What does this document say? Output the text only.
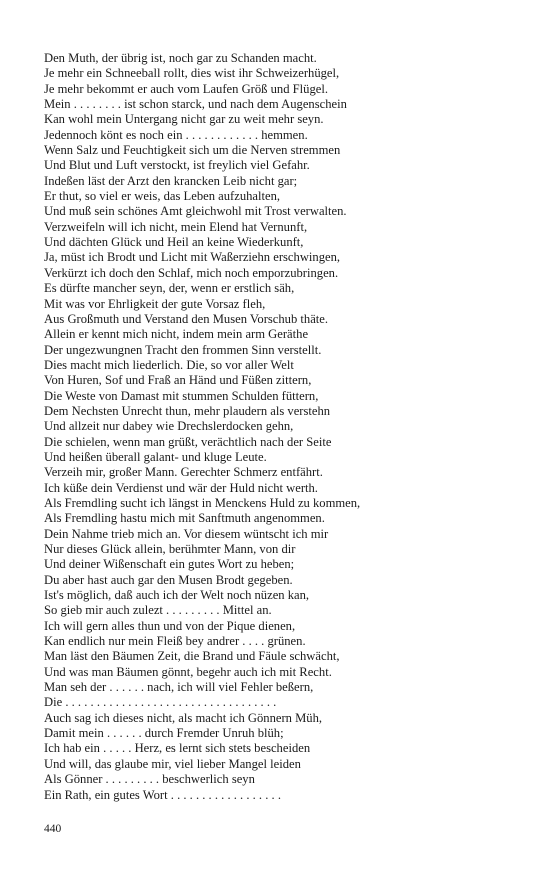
Den Muth, der übrig ist, noch gar zu Schanden macht.
Je mehr ein Schneeball rollt, dies wist ihr Schweizerhügel,
Je mehr bekommt er auch vom Laufen Größ und Flügel.
Mein . . . . . . . . ist schon starck, und nach dem Augenschein
Kan wohl mein Untergang nicht gar zu weit mehr seyn.
Jedennoch könt es noch ein . . . . . . . . . . . . hemmen.
Wenn Salz und Feuchtigkeit sich um die Nerven stremmen
Und Blut und Luft verstockt, ist freylich viel Gefahr.
Indeßen läst der Arzt den krancken Leib nicht gar;
Er thut, so viel er weis, das Leben aufzuhalten,
Und muß sein schönes Amt gleichwohl mit Trost verwalten.
Verzweifeln will ich nicht, mein Elend hat Vernunft,
Und dächten Glück und Heil an keine Wiederkunft,
Ja, müst ich Brodt und Licht mit Waßerziehn erschwingen,
Verkürzt ich doch den Schlaf, mich noch emporzubringen.
Es dürfte mancher seyn, der, wenn er erstlich säh,
Mit was vor Ehrligkeit der gute Vorsaz fleh,
Aus Großmuth und Verstand den Musen Vorschub thäte.
Allein er kennt mich nicht, indem mein arm Geräthe
Der ungezwungnen Tracht den frommen Sinn verstellt.
Dies macht mich liederlich. Die, so vor aller Welt
Von Huren, Sof und Fraß an Händ und Füßen zittern,
Die Weste von Damast mit stummen Schulden füttern,
Dem Nechsten Unrecht thun, mehr plaudern als verstehn
Und allzeit nur dabey wie Drechslerdocken gehn,
Die schielen, wenn man grüßt, verächtlich nach der Seite
Und heißen überall galant- und kluge Leute.
Verzeih mir, großer Mann. Gerechter Schmerz entfährt.
Ich küße dein Verdienst und wär der Huld nicht werth.
Als Fremdling sucht ich längst in Menckens Huld zu kommen,
Als Fremdling hastu mich mit Sanftmuth angenommen.
Dein Nahme trieb mich an. Vor diesem wüntscht ich mir
Nur dieses Glück allein, berühmter Mann, von dir
Und deiner Wißenschaft ein gutes Wort zu heben;
Du aber hast auch gar den Musen Brodt gegeben.
Ist's möglich, daß auch ich der Welt noch nüzen kan,
So gieb mir auch zulezt . . . . . . . . . Mittel an.
Ich will gern alles thun und von der Pique dienen,
Kan endlich nur mein Fleiß bey andrer . . . . grünen.
Man läst den Bäumen Zeit, die Brand und Fäule schwächt,
Und was man Bäumen gönnt, begehr auch ich mit Recht.
Man seh der . . . . . . nach, ich will viel Fehler beßern,
Die . . . . . . . . . . . . . . . . . . . . . . . . . . . . . . . . . .
Auch sag ich dieses nicht, als macht ich Gönnern Müh,
Damit mein . . . . . . durch Fremder Unruh blüh;
Ich hab ein . . . . . Herz, es lernt sich stets bescheiden
Und will, das glaube mir, viel lieber Mangel leiden
Als Gönner . . . . . . . . . beschwerlich seyn
Ein Rath, ein gutes Wort . . . . . . . . . . . . . . . . . .
440
